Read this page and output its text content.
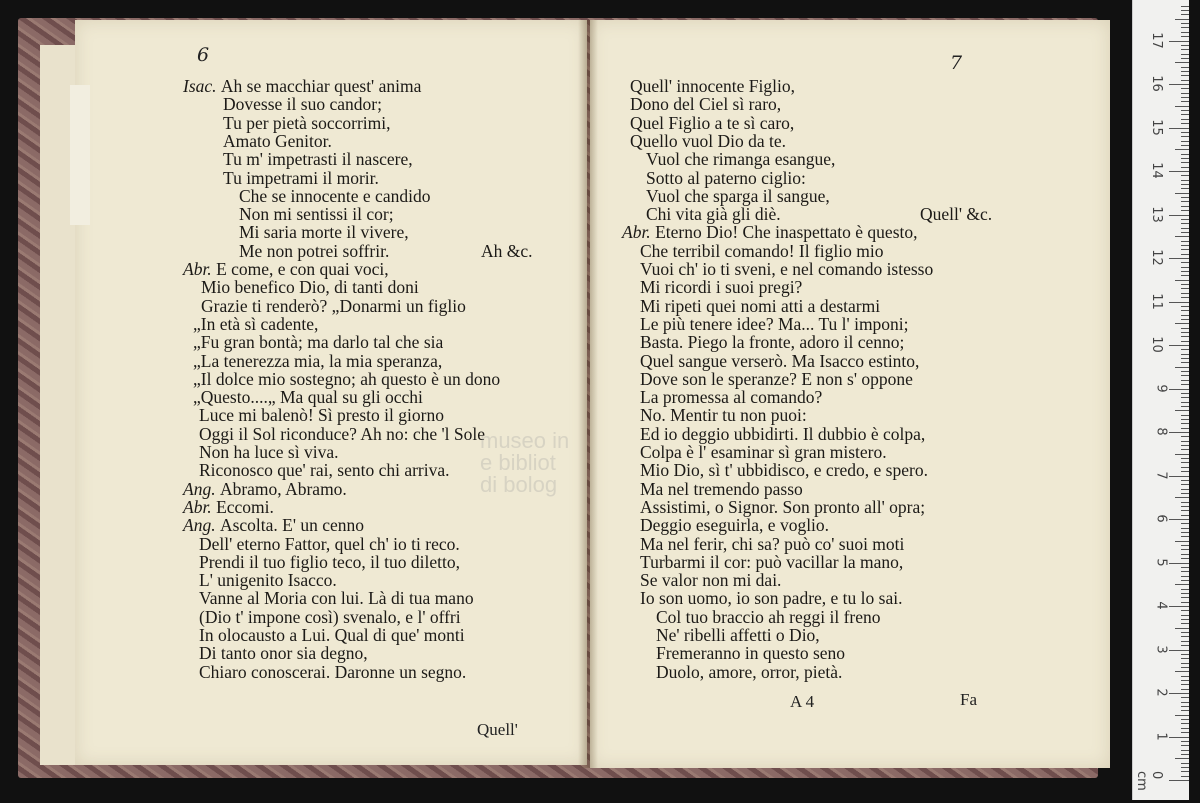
6
Isac. Ah se macchiar quest' anima
Dovesse il suo candor;
Tu per pietà soccorrimi,
Amato Genitor.
Tu m' impetrasti il nascere,
Tu impetrami il morir.
Che se innocente e candido
Non mi sentissi il cor;
Mi saria morte il vivere,
Me non potrei soffrir.	Ah &c.
Abr. E come, e con quai voci,
Mio benefico Dio, di tanti doni
Grazie ti renderò? „Donarmi un figlio
„In età sì cadente,
„Fu gran bontà; ma darlo tal che sia
„La tenerezza mia, la mia speranza,
„Il dolce mio sostegno; ah questo è un dono
„Questo....„ Ma qual su gli occhi
Luce mi balenò! Sì presto il giorno
Oggi il Sol riconduce? Ah no: che 'l Sole
Non ha luce sì viva.
Riconosco que' rai, sento chi arriva.
Ang. Abramo, Abramo.
Abr. Eccomi.
Ang. Ascolta. E' un cenno
Dell' eterno Fattor, quel ch' io ti reco.
Prendi il tuo figlio teco, il tuo diletto,
L' unigenito Isacco.
Vanne al Moria con lui. Là di tua mano
(Dio t' impone così) svenalo, e l' offri
In olocausto a Lui. Qual di que' monti
Di tanto onor sia degno,
Chiaro conoscerai. Daronne un segno.
Quell'
7
Quell' innocente Figlio,
Dono del Ciel sì raro,
Quel Figlio a te sì caro,
Quello vuol Dio da te.
Vuol che rimanga esangue,
Sotto al paterno ciglio:
Vuol che sparga il sangue,
Chi vita già gli diè.	Quell' &c.
Abr. Eterno Dio! Che inaspettato è questo,
Che terribil comando! Il figlio mio
Vuoi ch' io ti sveni, e nel comando istesso
Mi ricordi i suoi pregi?
Mi ripeti quei nomi atti a destarmi
Le più tenere idee? Ma... Tu l' imponi;
Basta. Piego la fronte, adoro il cenno;
Quel sangue verserò. Ma Isacco estinto,
Dove son le speranze? E non s' oppone
La promessa al comando?
No. Mentir tu non puoi:
Ed io deggio ubbidirti. Il dubbio è colpa,
Colpa è l' esaminar sì gran mistero.
Mio Dio, sì t' ubbidisco, e credo, e spero.
Ma nel tremendo passo
Assistimi, o Signor. Son pronto all' opra;
Deggio eseguirla, e voglio.
Ma nel ferir, chi sa? può co' suoi moti
Turbarmi il cor: può vacillar la mano,
Se valor non mi dai.
Io son uomo, io son padre, e tu lo sai.
Col tuo braccio ah reggi il freno
Ne' ribelli affetti o Dio,
Fremeranno in questo seno
Duolo, amore, orror, pietà.
A 4	Fa
museo in
e bibliot
di bolog
0 cm
1
2
3
4
5
6
7
8
9
10
11
12
13
14
15
16
17
